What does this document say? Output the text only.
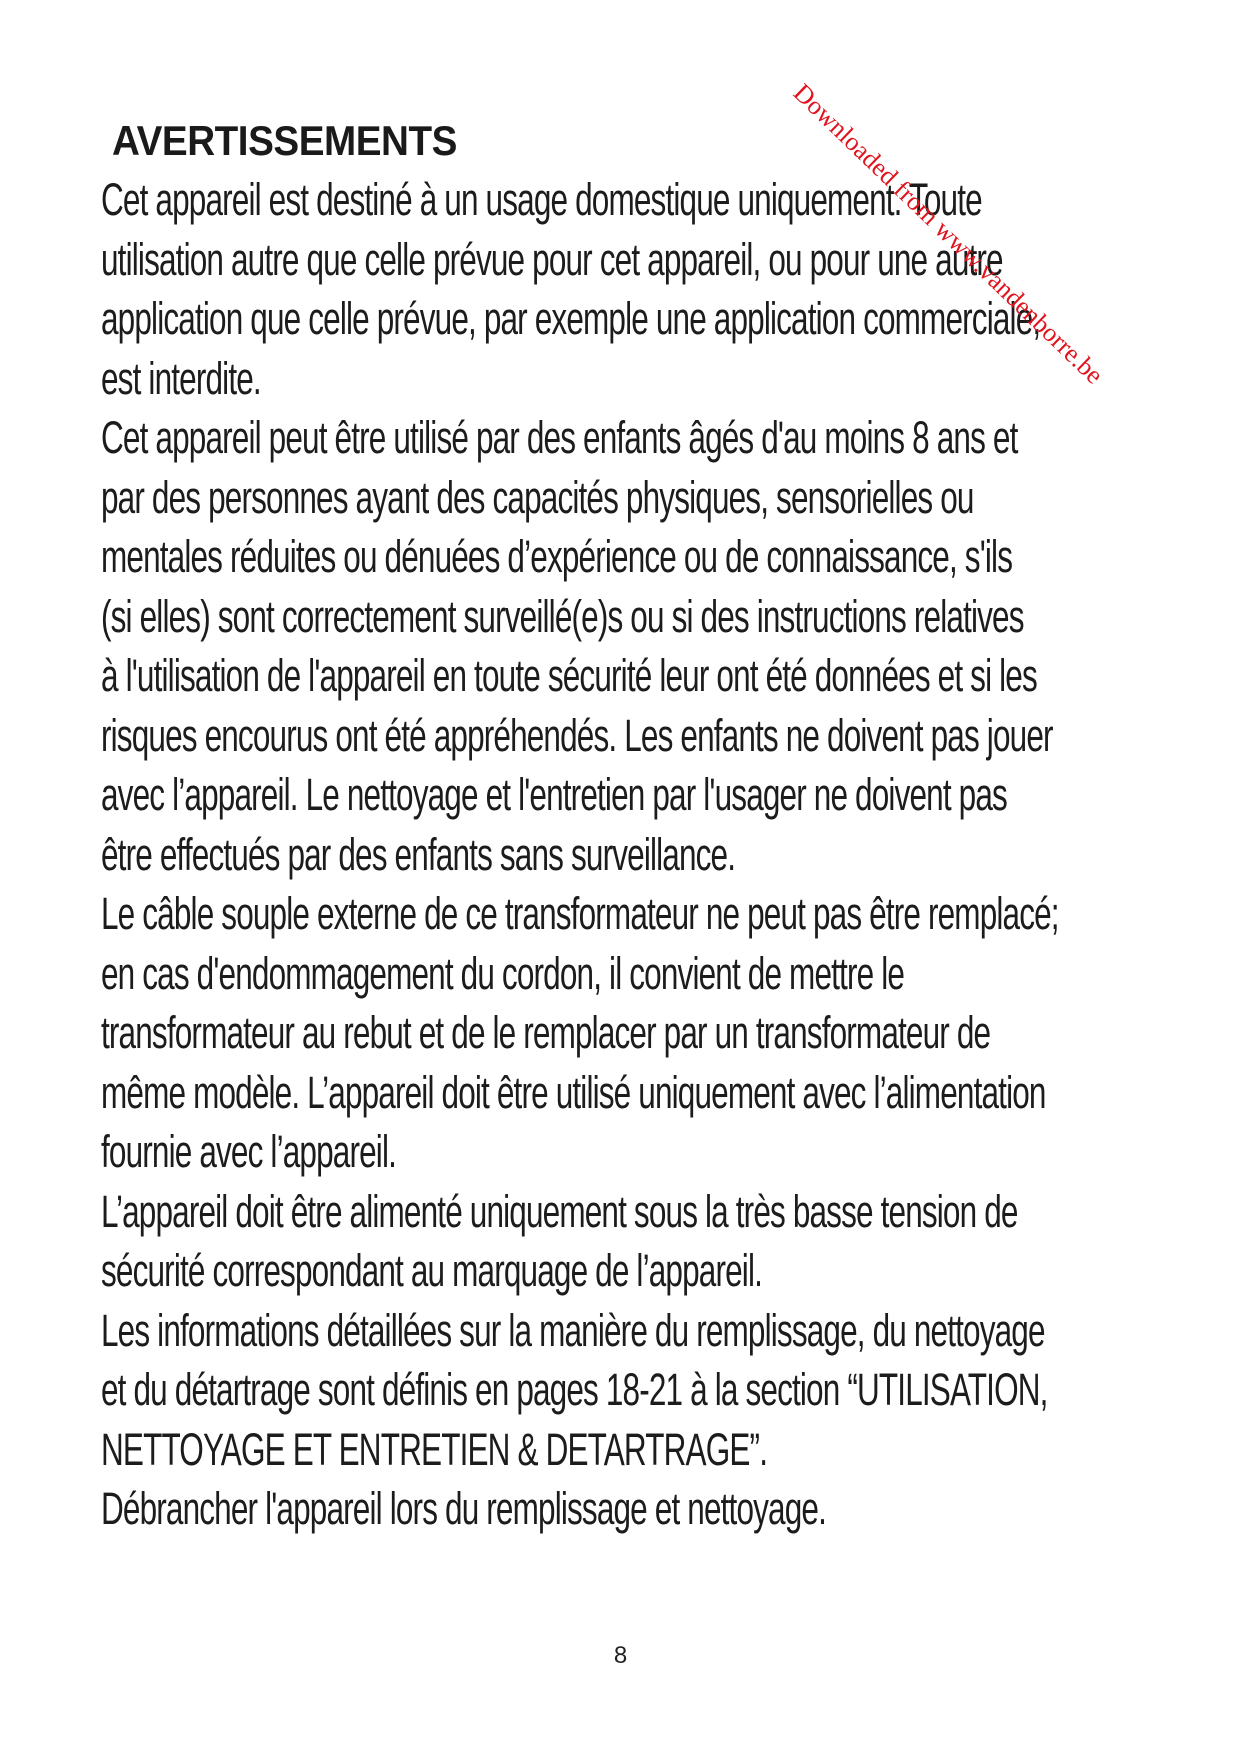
AVERTISSEMENTS
Cet appareil est destiné à un usage domestique uniquement. Toute
utilisation autre que celle prévue pour cet appareil, ou pour une autre
application que celle prévue, par exemple une application commerciale,
est interdite.
Cet appareil peut être utilisé par des enfants âgés d'au moins 8 ans et
par des personnes ayant des capacités physiques, sensorielles ou
mentales réduites ou dénuées d’expérience ou de connaissance, s'ils
(si elles) sont correctement surveillé(e)s ou si des instructions relatives
à l'utilisation de l'appareil en toute sécurité leur ont été données et si les
risques encourus ont été appréhendés. Les enfants ne doivent pas jouer
avec l’appareil. Le nettoyage et l'entretien par l'usager ne doivent pas
être effectués par des enfants sans surveillance.
Le câble souple externe de ce transformateur ne peut pas être remplacé;
en cas d'endommagement du cordon, il convient de mettre le
transformateur au rebut et de le remplacer par un transformateur de
même modèle. L’appareil doit être utilisé uniquement avec l’alimentation
fournie avec l’appareil.
L’appareil doit être alimenté uniquement sous la très basse tension de
sécurité correspondant au marquage de l’appareil.
Les informations détaillées sur la manière du remplissage, du nettoyage
et du détartrage sont définis en pages 18-21 à la section “UTILISATION,
NETTOYAGE ET ENTRETIEN & DETARTRAGE”.
Débrancher l'appareil lors du remplissage et nettoyage.
8
Downloaded from www.vandenborre.be
